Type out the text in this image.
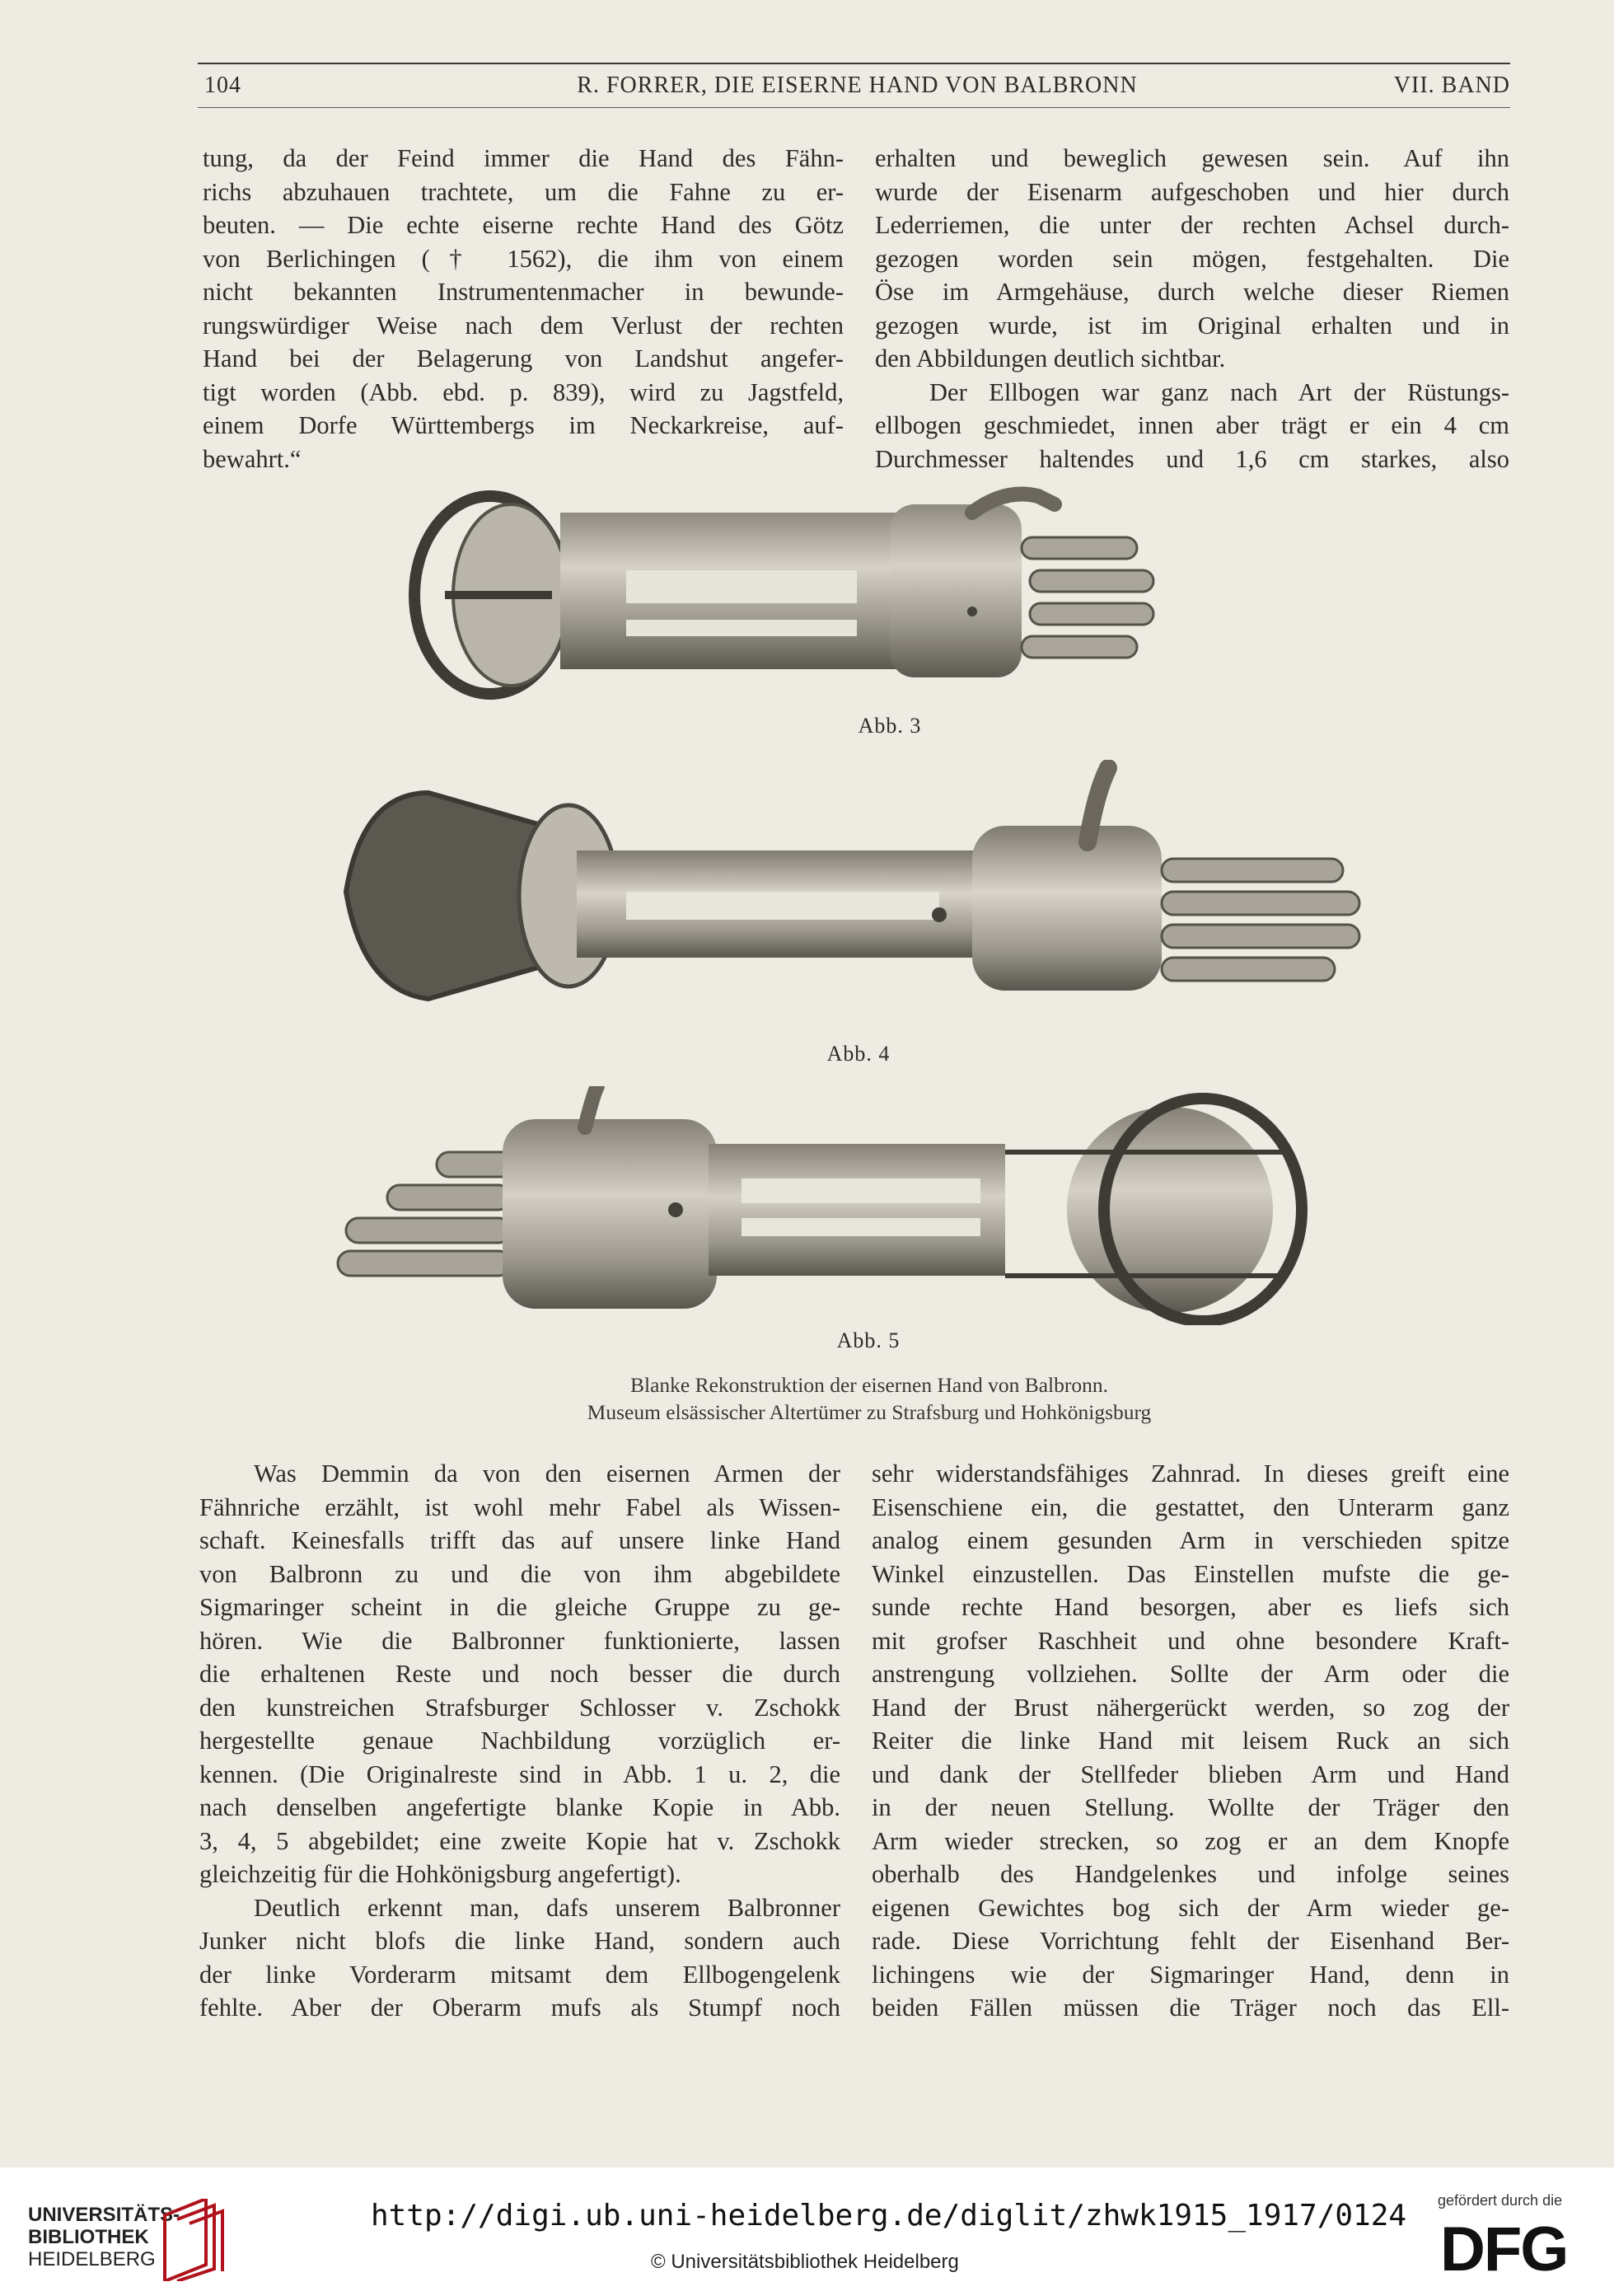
104	R. FORRER, DIE EISERNE HAND VON BALBRONN	VII. BAND

tung, da der Feind immer die Hand des Fähn-

richs abzuhauen trachtete, um die Fahne zu er-

beuten. — Die echte eiserne rechte Hand des Götz

von Berlichingen († 1562), die ihm von einem

nicht bekannten Instrumentenmacher in bewunde-

rungswürdiger Weise nach dem Verlust der rechten

Hand bei der Belagerung von Landshut angefer-

tigt worden (Abb. ebd. p. 839), wird zu Jagstfeld,

einem Dorfe Württembergs im Neckarkreise, auf-

bewahrt.“

erhalten und beweglich gewesen sein. Auf ihn

wurde der Eisenarm aufgeschoben und hier durch

Lederriemen, die unter der rechten Achsel durch-

gezogen worden sein mögen, festgehalten. Die

Öse im Armgehäuse, durch welche dieser Riemen

gezogen wurde, ist im Original erhalten und in

den Abbildungen deutlich sichtbar.

Der Ellbogen war ganz nach Art der Rüstungs-

ellbogen geschmiedet, innen aber trägt er ein 4 cm

Durchmesser haltendes und 1,6 cm starkes, also

Abb. 3
Abb. 4
Abb. 5
Blanke Rekonstruktion der eisernen Hand von Balbronn.
Museum elsässischer Altertümer zu Strafsburg und Hohkönigsburg

Was Demmin da von den eisernen Armen der

Fähnriche erzählt, ist wohl mehr Fabel als Wissen-

schaft. Keinesfalls trifft das auf unsere linke Hand

von Balbronn zu und die von ihm abgebildete

Sigmaringer scheint in die gleiche Gruppe zu ge-

hören. Wie die Balbronner funktionierte, lassen

die erhaltenen Reste und noch besser die durch

den kunstreichen Strafsburger Schlosser v. Zschokk

hergestellte genaue Nachbildung vorzüglich er-

kennen. (Die Originalreste sind in Abb. 1 u. 2, die

nach denselben angefertigte blanke Kopie in Abb.

3, 4, 5 abgebildet; eine zweite Kopie hat v. Zschokk

gleichzeitig für die Hohkönigsburg angefertigt).

Deutlich erkennt man, dafs unserem Balbronner

Junker nicht blofs die linke Hand, sondern auch

der linke Vorderarm mitsamt dem Ellbogengelenk

fehlte. Aber der Oberarm mufs als Stumpf noch

sehr widerstandsfähiges Zahnrad. In dieses greift eine

Eisenschiene ein, die gestattet, den Unterarm ganz

analog einem gesunden Arm in verschieden spitze

Winkel einzustellen. Das Einstellen mufste die ge-

sunde rechte Hand besorgen, aber es liefs sich

mit grofser Raschheit und ohne besondere Kraft-

anstrengung vollziehen. Sollte der Arm oder die

Hand der Brust nähergerückt werden, so zog der

Reiter die linke Hand mit leisem Ruck an sich

und dank der Stellfeder blieben Arm und Hand

in der neuen Stellung. Wollte der Träger den

Arm wieder strecken, so zog er an dem Knopfe

oberhalb des Handgelenkes und infolge seines

eigenen Gewichtes bog sich der Arm wieder ge-

rade. Diese Vorrichtung fehlt der Eisenhand Ber-

lichingens wie der Sigmaringer Hand, denn in

beiden Fällen müssen die Träger noch das Ell-

UNIVERSITÄTS-
BIBLIOTHEK
HEIDELBERG
http://digi.ub.uni-heidelberg.de/diglit/zhwk1915_1917/0124
© Universitätsbibliothek Heidelberg
gefördert durch die
DFG
